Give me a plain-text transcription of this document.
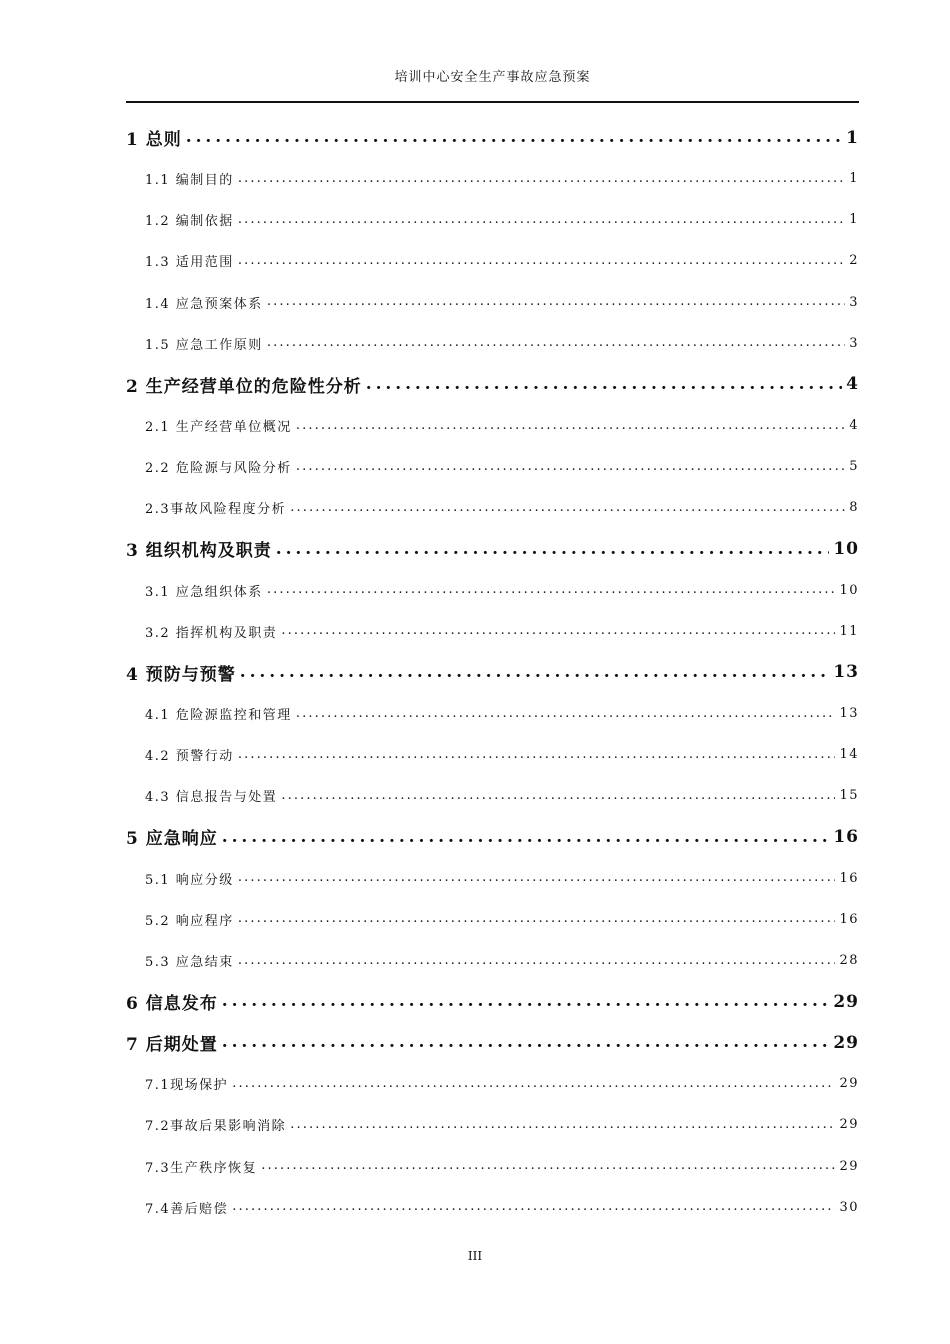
培训中心安全生产事故应急预案
1 总则 . . .	1
1.1 编制目的 . . .	1
1.2 编制依据 . . .	1
1.3 适用范围 . . .	2
1.4 应急预案体系 . . .	3
1.5 应急工作原则 . . .	3
2 生产经营单位的危险性分析 . . .	4
2.1 生产经营单位概况 . . .	4
2.2 危险源与风险分析 . . .	5
2.3事故风险程度分析 . . .	8
3 组织机构及职责 . . .	10
3.1 应急组织体系 . . .	10
3.2 指挥机构及职责 . . .	11
4 预防与预警 . . .	13
4.1 危险源监控和管理 . . .	13
4.2 预警行动 . . .	14
4.3 信息报告与处置 . . .	15
5 应急响应 . . .	16
5.1 响应分级 . . .	16
5.2 响应程序 . . .	16
5.3 应急结束 . . .	28
6 信息发布 . . .	29
7 后期处置 . . .	29
7.1现场保护 . . .	29
7.2事故后果影响消除 . . .	29
7.3生产秩序恢复 . . .	29
7.4善后赔偿 . . .	30
III
